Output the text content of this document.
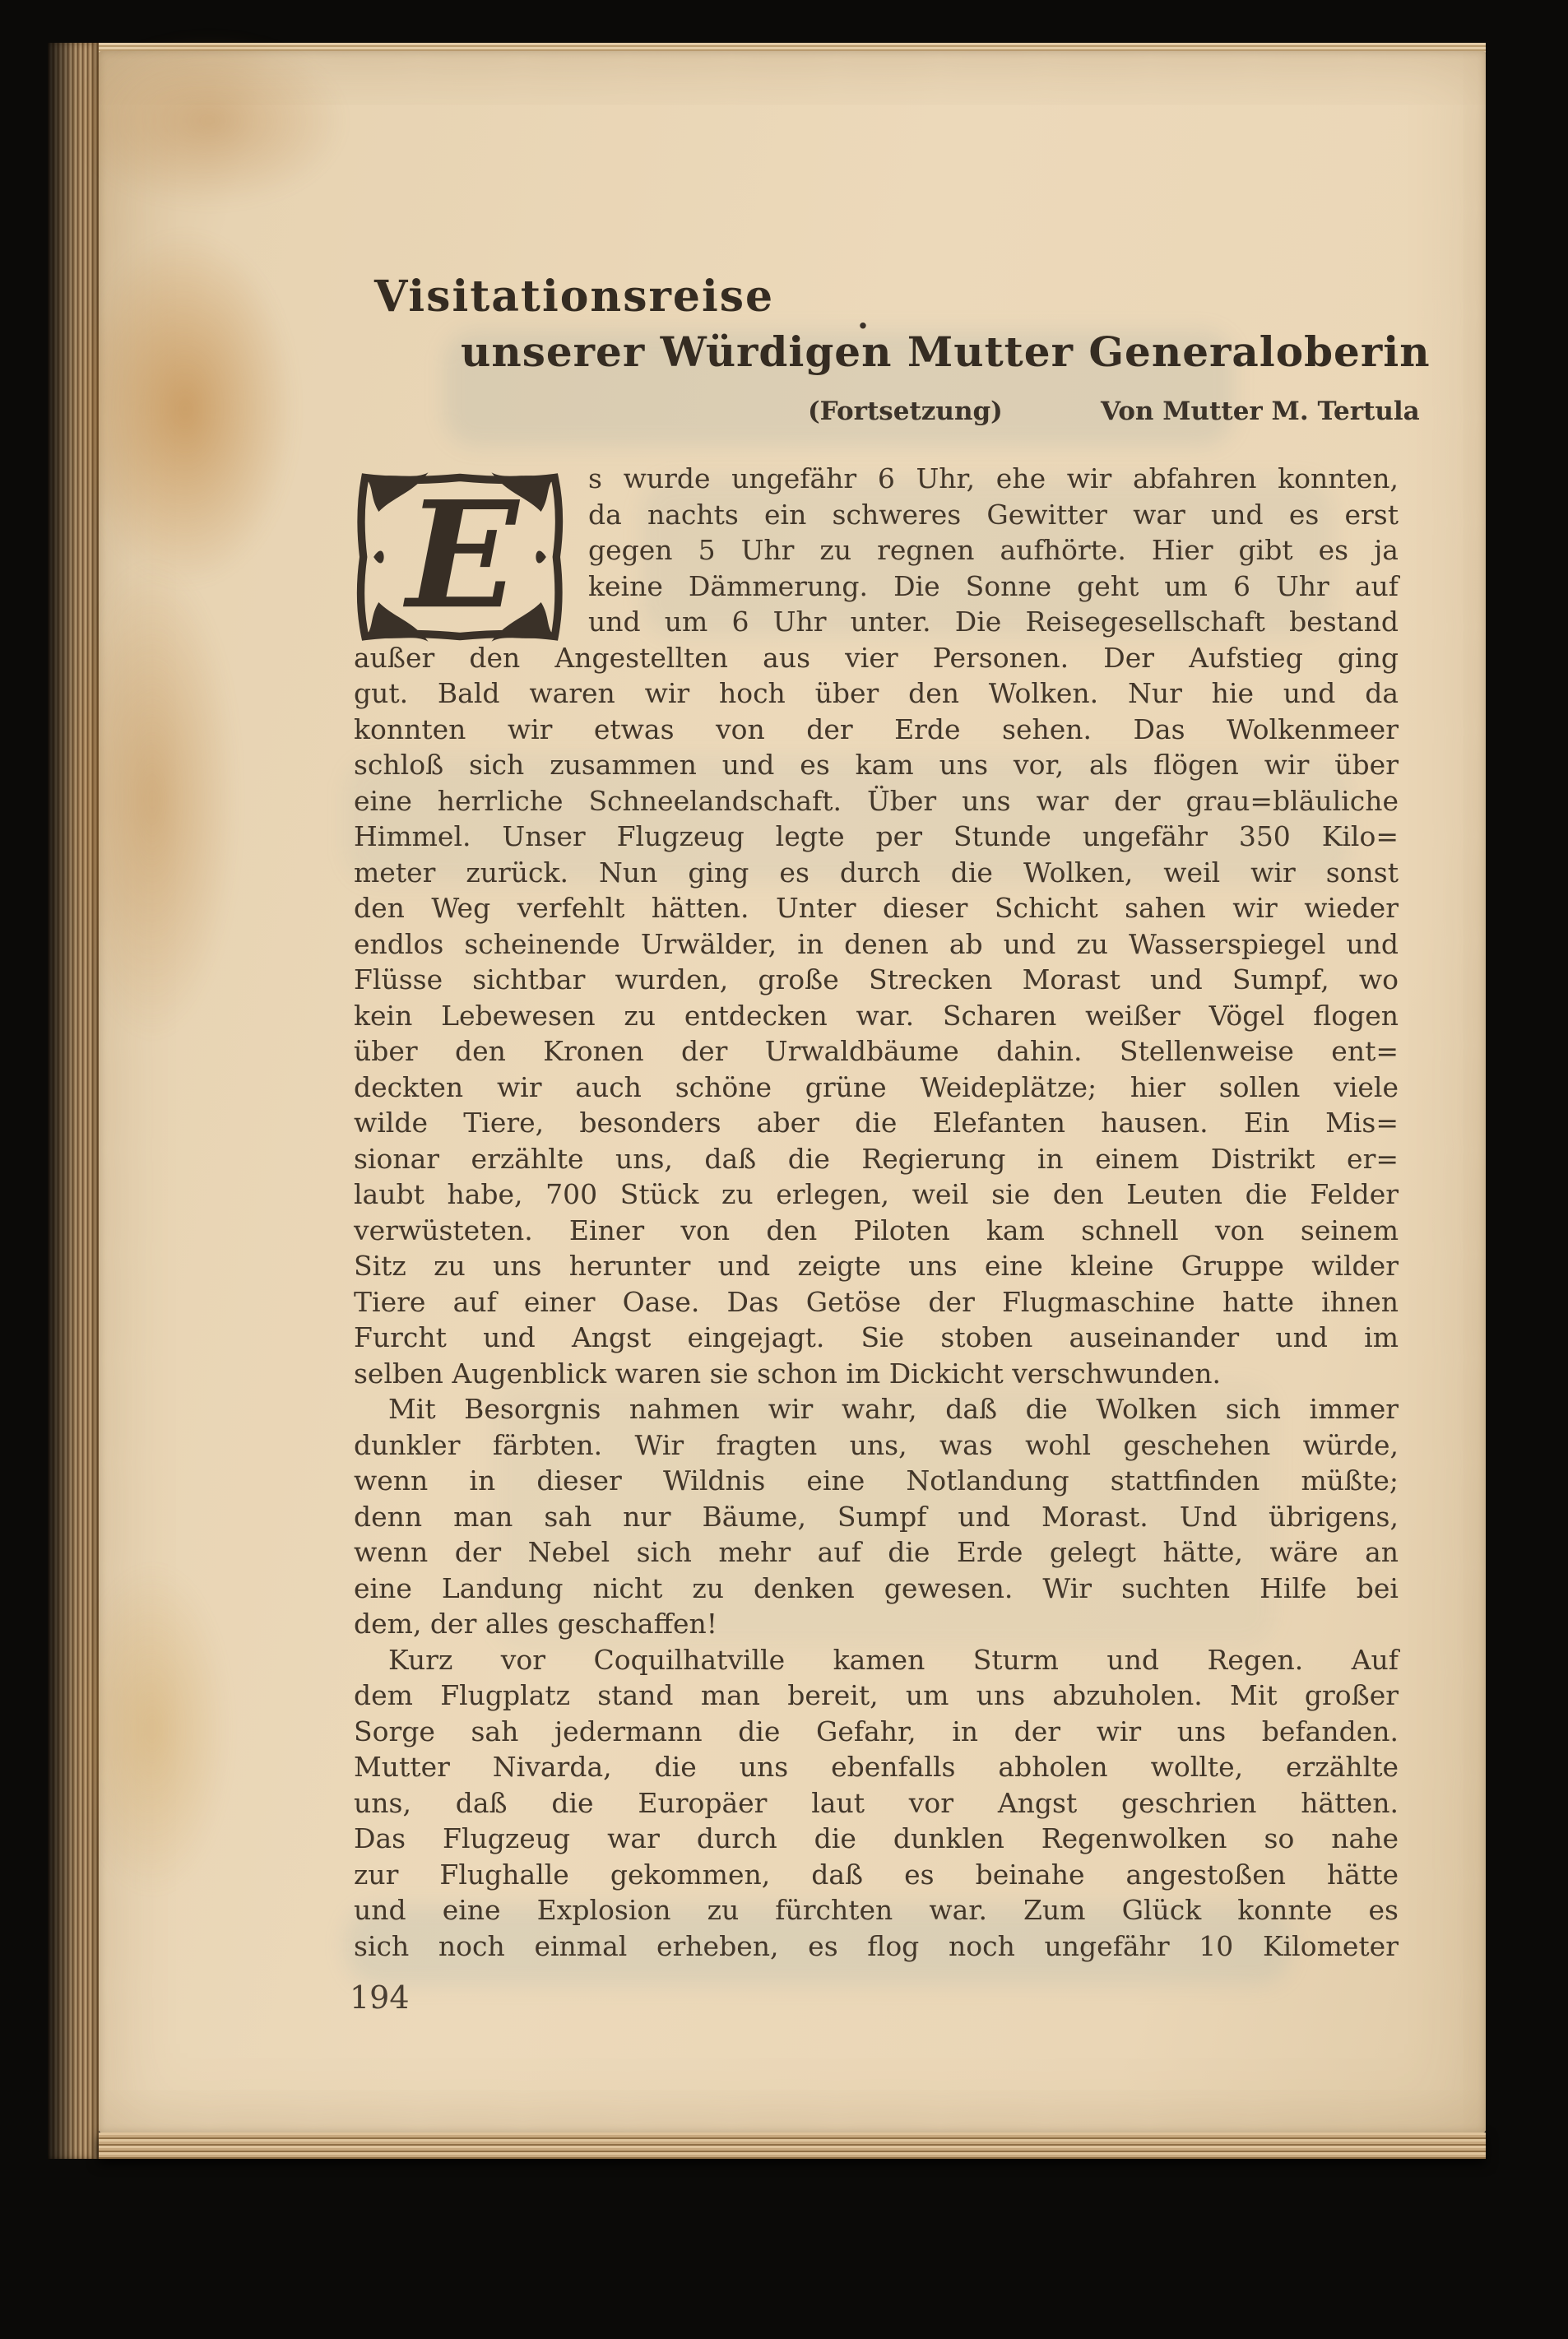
Visitationsreise	.
unserer Würdigen Mutter Generaloberin
(Fortsetzung)	Von Mutter M. Tertula
E	s wurde ungefähr 6 Uhr, ehe wir abfahren konnten,
da nachts ein schweres Gewitter war und es erst
gegen 5 Uhr zu regnen aufhörte. Hier gibt es ja
keine Dämmerung. Die Sonne geht um 6 Uhr auf
und um 6 Uhr unter. Die Reisegesellschaft bestand
außer den Angestellten aus vier Personen. Der Aufstieg ging
gut. Bald waren wir hoch über den Wolken. Nur hie und da
konnten wir etwas von der Erde sehen. Das Wolkenmeer
schloß sich zusammen und es kam uns vor, als flögen wir über
eine herrliche Schneelandschaft. Über uns war der grau=bläuliche
Himmel. Unser Flugzeug legte per Stunde ungefähr 350 Kilo=
meter zurück. Nun ging es durch die Wolken, weil wir sonst
den Weg verfehlt hätten. Unter dieser Schicht sahen wir wieder
endlos scheinende Urwälder, in denen ab und zu Wasserspiegel und
Flüsse sichtbar wurden, große Strecken Morast und Sumpf, wo
kein Lebewesen zu entdecken war. Scharen weißer Vögel flogen
über den Kronen der Urwaldbäume dahin. Stellenweise ent=
deckten wir auch schöne grüne Weideplätze; hier sollen viele
wilde Tiere, besonders aber die Elefanten hausen. Ein Mis=
sionar erzählte uns, daß die Regierung in einem Distrikt er=
laubt habe, 700 Stück zu erlegen, weil sie den Leuten die Felder
verwüsteten. Einer von den Piloten kam schnell von seinem
Sitz zu uns herunter und zeigte uns eine kleine Gruppe wilder
Tiere auf einer Oase. Das Getöse der Flugmaschine hatte ihnen
Furcht und Angst eingejagt. Sie stoben auseinander und im
selben Augenblick waren sie schon im Dickicht verschwunden.
Mit Besorgnis nahmen wir wahr, daß die Wolken sich immer
dunkler färbten. Wir fragten uns, was wohl geschehen würde,
wenn in dieser Wildnis eine Notlandung stattfinden müßte;
denn man sah nur Bäume, Sumpf und Morast. Und übrigens,
wenn der Nebel sich mehr auf die Erde gelegt hätte, wäre an
eine Landung nicht zu denken gewesen. Wir suchten Hilfe bei
dem, der alles geschaffen!
Kurz vor Coquilhatville kamen Sturm und Regen. Auf
dem Flugplatz stand man bereit, um uns abzuholen. Mit großer
Sorge sah jedermann die Gefahr, in der wir uns befanden.
Mutter Nivarda, die uns ebenfalls abholen wollte, erzählte
uns, daß die Europäer laut vor Angst geschrien hätten.
Das Flugzeug war durch die dunklen Regenwolken so nahe
zur Flughalle gekommen, daß es beinahe angestoßen hätte
und eine Explosion zu fürchten war. Zum Glück konnte es
sich noch einmal erheben, es flog noch ungefähr 10 Kilometer
194
